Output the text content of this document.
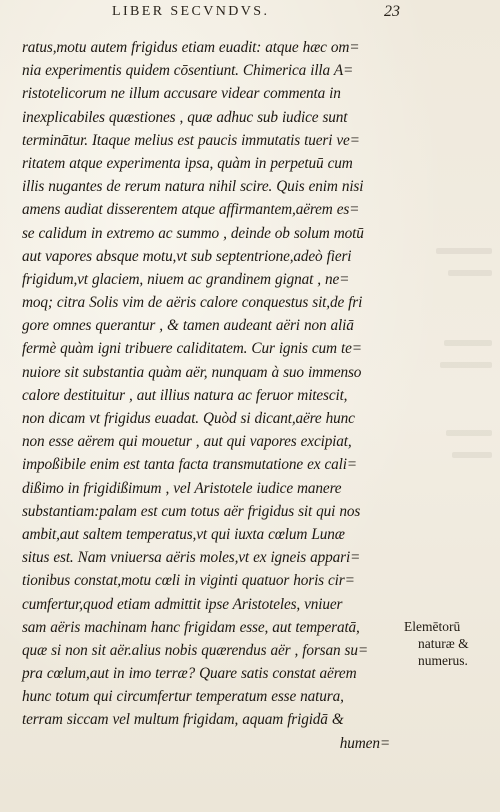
LIBER SECVNDVS.	23
ratus,motu autem frigidus etiam euadit: atque hæc om=
nia experimentis quidem cōsentiunt. Chimerica illa A=
ristotelicorum ne illum accusare videar commenta in
inexplicabiles quæstiones , quæ adhuc sub iudice sunt
terminātur. Itaque melius est paucis immutatis tueri ve=
ritatem atque experimenta ipsa, quàm in perpetuū cum
illis nugantes de rerum natura nihil scire. Quis enim nisi
amens audiat disserentem atque affirmantem,aërem es=
se calidum in extremo ac summo , deinde ob solum motū
aut vapores absque motu,vt sub septentrione,adeò fieri
frigidum,vt glaciem, niuem ac grandinem gignat , ne=
moq; citra Solis vim de aëris calore conquestus sit,de fri
gore omnes querantur , & tamen audeant aëri non aliā
fermè quàm igni tribuere caliditatem. Cur ignis cum te=
nuiore sit substantia quàm aër, nunquam à suo immenso
calore destituitur , aut illius natura ac feruor mitescit,
non dicam vt frigidus euadat. Quòd si dicant,aëre hunc
non esse aërem qui mouetur , aut qui vapores excipiat,
impoßibile enim est tanta facta transmutatione ex cali=
dißimo in frigidißimum , vel Aristotele iudice manere
substantiam:palam est cum totus aër frigidus sit qui nos
ambit,aut saltem temperatus,vt qui iuxta cœlum Lunæ
situs est. Nam vniuersa aëris moles,vt ex igneis appari=
tionibus constat,motu cœli in viginti quatuor horis cir=
cumfertur,quod etiam admittit ipse Aristoteles, vniuer
sam aëris machinam hanc frigidam esse, aut temperatā,
quæ si non sit aër.alius nobis quærendus aër , forsan su=
pra cœlum,aut in imo terræ? Quare satis constat aërem
hunc totum qui circumfertur temperatum esse natura,
terram siccam vel multum frigidam, aquam frigidā &
humen=
Elemētorū
naturæ &
numerus.
